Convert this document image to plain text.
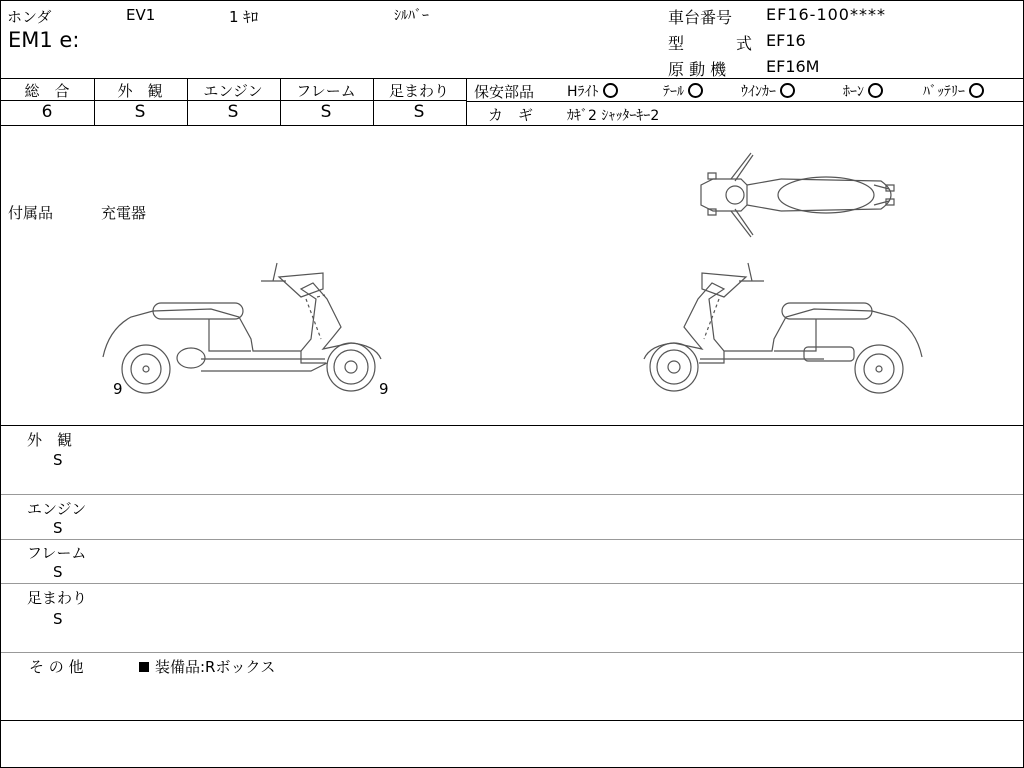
ホンダ	EV1	1 ｷﾛ	ｼﾙﾊﾞｰ
EM1 e:
車台番号 EF16-100****
型	式 EF16
原 動 機 EF16M
総　合	外　観	エンジン	フレーム	足まわり
6	S	S	S	S
保安部品 Hﾗｲﾄ	ﾃｰﾙ	ｳｲﾝｶｰ	ﾎｰﾝ	ﾊﾞｯﾃﾘｰ
カ　ギ ｶｷﾞ2 ｼｬｯﾀｰｷｰ2
付属品	充電器
9	9
外　観
S
エンジン
S
フレーム
S
足まわり
S
そ の 他	装備品:Rボックス
